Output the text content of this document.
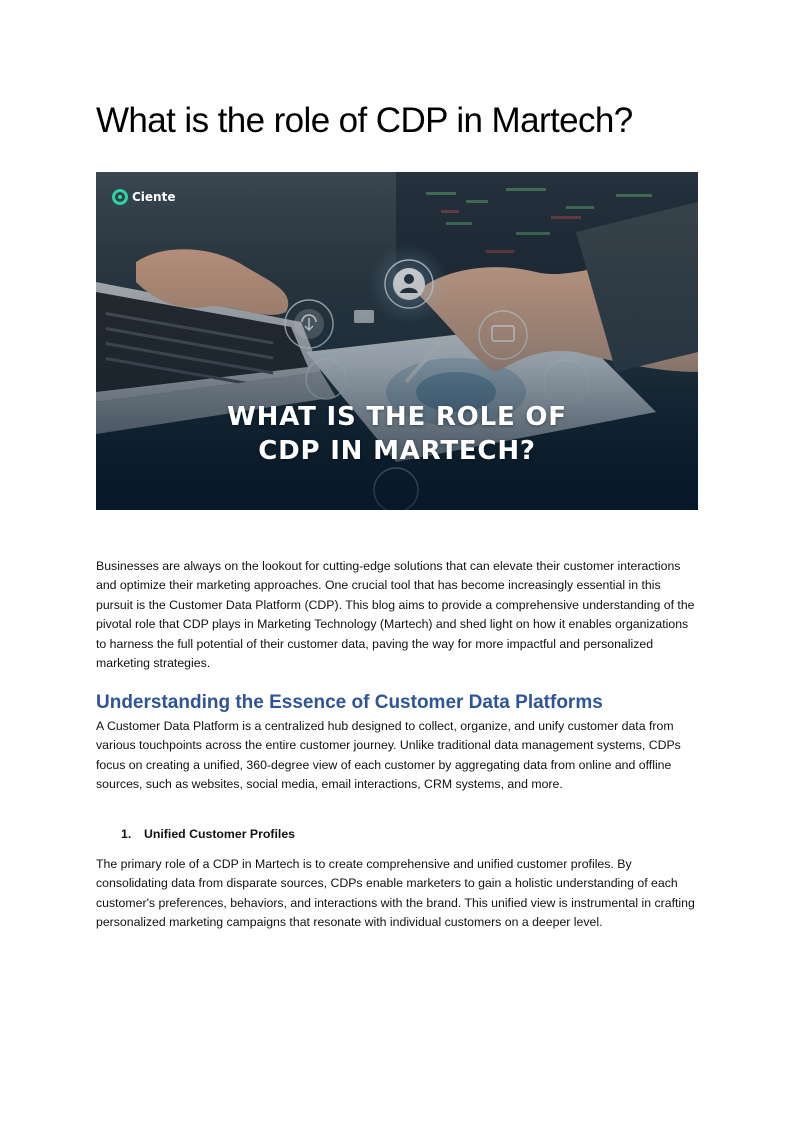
What is the role of CDP in Martech?
Ciente
WHAT IS THE ROLE OF
CDP IN MARTECH?

Businesses are always on the lookout for cutting-edge solutions that can elevate their customer interactions and optimize their marketing approaches. One crucial tool that has become increasingly essential in this pursuit is the Customer Data Platform (CDP). This blog aims to provide a comprehensive understanding of the pivotal role that CDP plays in Marketing Technology (Martech) and shed light on how it enables organizations to harness the full potential of their customer data, paving the way for more impactful and personalized marketing strategies.

Understanding the Essence of Customer Data Platforms

A Customer Data Platform is a centralized hub designed to collect, organize, and unify customer data from various touchpoints across the entire customer journey. Unlike traditional data management systems, CDPs focus on creating a unified, 360-degree view of each customer by aggregating data from online and offline sources, such as websites, social media, email interactions, CRM systems, and more.

1. Unified Customer Profiles

The primary role of a CDP in Martech is to create comprehensive and unified customer profiles. By consolidating data from disparate sources, CDPs enable marketers to gain a holistic understanding of each customer's preferences, behaviors, and interactions with the brand. This unified view is instrumental in crafting personalized marketing campaigns that resonate with individual customers on a deeper level.
